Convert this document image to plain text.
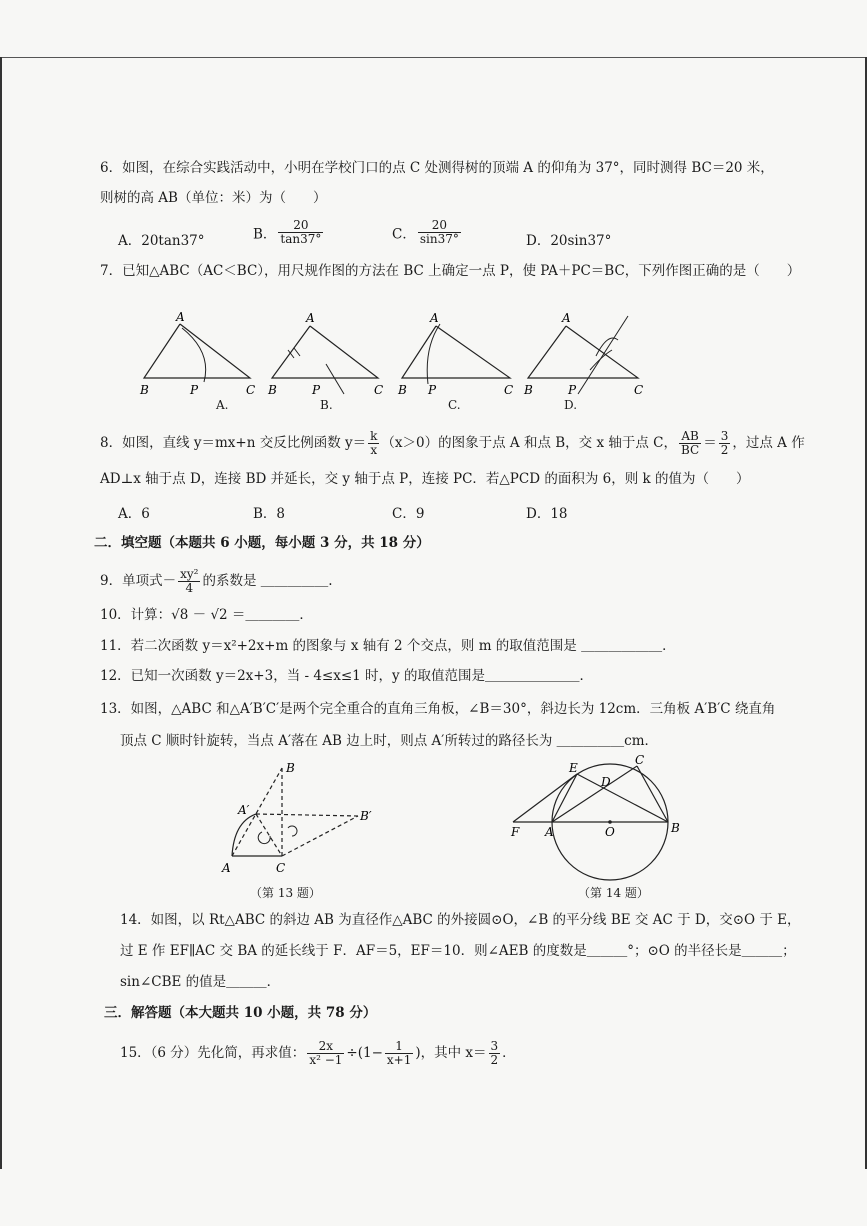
6．如图，在综合实践活动中，小明在学校门口的点 C 处测得树的顶端 A 的仰角为 37°，同时测得 BC＝20 米，
则树的高 AB（单位：米）为（　　）
A．20tan37°	B． $\frac{20}{\tan 37^\circ}$	C． $\frac{20}{\sin 37^\circ}$	D．20sin37°
7．已知△ABC（AC＜BC），用尺规作图的方法在 BC 上确定一点 P，使 PA＋PC＝BC，下列作图正确的是（　　）
A
B	P	C
A
B	P	C
A
B P	C
A
B	P	C
A.	B.	C.	D.
8．如图，直线 y＝mx+n 交反比例函数 $y= \frac{k}{x} (x>0)$的图象于点 A 和点 B，交 x 轴于点 C， $\frac{AB}{BC} = \frac{3}{2}$ ，过点 A 作
AD⊥x 轴于点 D，连接 BD 并延长，交 y 轴于点 P，连接 PC．若△PCD 的面积为 6，则 k 的值为（　　）
A．6	B．8	C．9	D．18
二．填空题（本题共 6 小题，每小题 3 分，共 18 分）
9．单项式－ $\frac{\text{xy²}}{4}$ 的系数是 ＿＿＿＿＿.
10．计算：√8 － √2 ＝＿＿＿＿．
11．若二次函数 y＝x²+2x+m 的图象与 x 轴有 2 个交点，则 m 的取值范围是 ＿＿＿＿＿＿．
12．已知一次函数 y＝2x+3，当 - 4≤x≤1 时，y 的取值范围是＿＿＿＿＿＿＿．
13．如图，△ABC 和△A′B′C′是两个完全重合的直角三角板，∠B＝30°，斜边长为 12cm．三角板 A′B′C 绕直角
顶点 C 顺时针旋转，当点 A′落在 AB 边上时，则点 A′所转过的路径长为 ＿＿＿＿＿cm．
B
A′	B′
A	C
（第 13 题）
E
C
D
F A	O	B
（第 14 题）
14．如图，以 Rt△ABC 的斜边 AB 为直径作△ABC 的外接圆⊙O，∠B 的平分线 BE 交 AC 于 D，交⊙O 于 E，
过 E 作 EF∥AC 交 BA 的延长线于 F．AF＝5，EF＝10．则∠AEB 的度数是＿＿＿°；⊙O 的半径长是＿＿＿；
sin∠CBE 的值是＿＿＿．
三．解答题（本大题共 10 小题，共 78 分）
15．（6 分）先化简，再求值： $\frac{2x}{\text{x² −1}} \div(1- \frac{1}{x+1}$ )，其中 $x= \frac{3}{2}$ ．
